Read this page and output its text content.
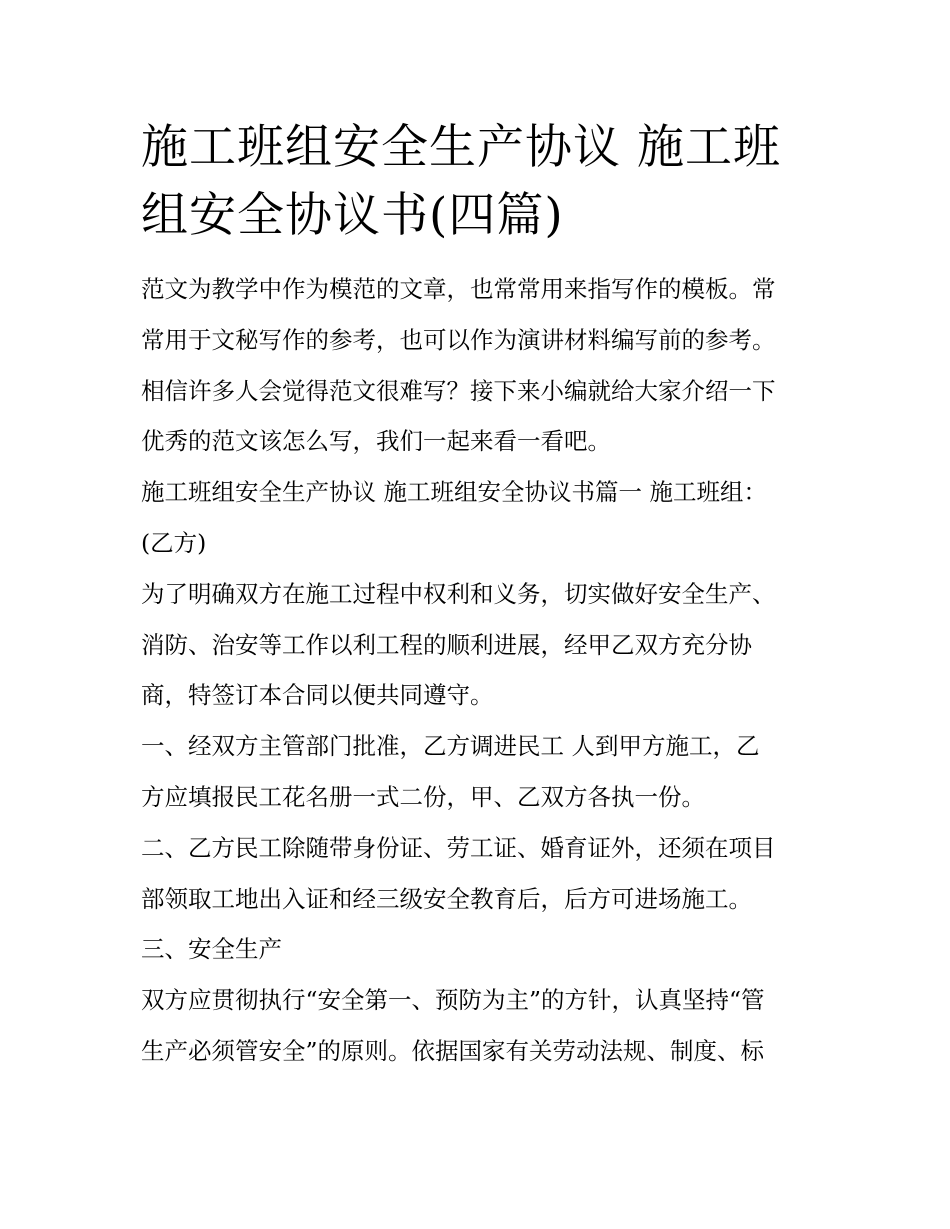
施工班组安全生产协议 施工班
组安全协议书(四篇)

范文为教学中作为模范的文章，也常常用来指写作的模板。常

常用于文秘写作的参考，也可以作为演讲材料编写前的参考。

相信许多人会觉得范文很难写？接下来小编就给大家介绍一下

优秀的范文该怎么写，我们一起来看一看吧。

施工班组安全生产协议 施工班组安全协议书篇一 施工班组：

(乙方)

为了明确双方在施工过程中权利和义务，切实做好安全生产、

消防、治安等工作以利工程的顺利进展，经甲乙双方充分协

商，特签订本合同以便共同遵守。

一、经双方主管部门批准，乙方调进民工 人到甲方施工，乙

方应填报民工花名册一式二份，甲、乙双方各执一份。

二、乙方民工除随带身份证、劳工证、婚育证外，还须在项目

部领取工地出入证和经三级安全教育后，后方可进场施工。

三、安全生产

双方应贯彻执行“安全第一、预防为主”的方针，认真坚持“管

生产必须管安全”的原则。依据国家有关劳动法规、制度、标
